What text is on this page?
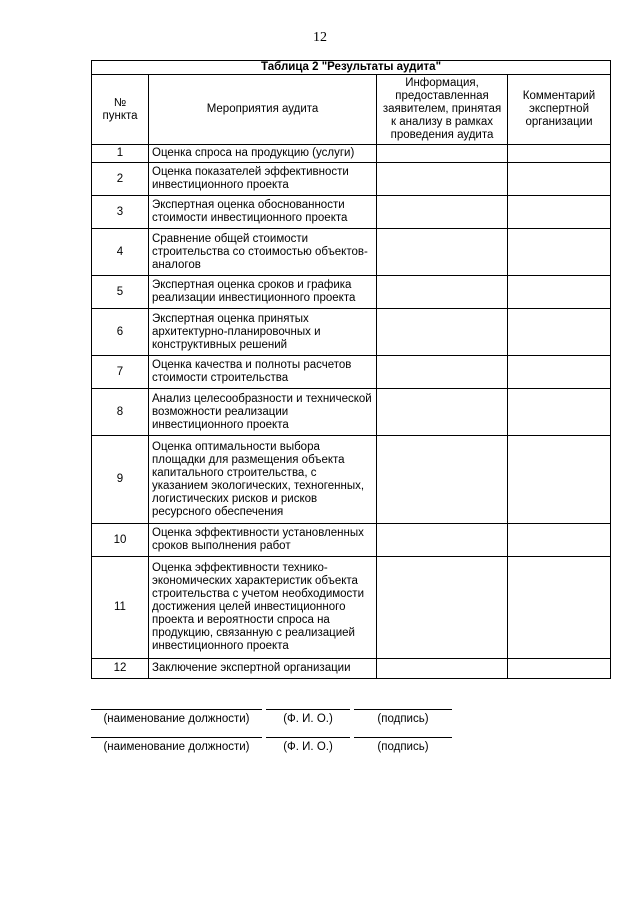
12
Таблица 2 "Результаты аудита"			
№ пункта	Мероприятия аудита	Информация, предоставленная заявителем, принятая к анализу в рамках проведения аудита	Комментарий экспертной организации
1	Оценка спроса на продукцию (услуги)		
2	Оценка показателей эффективности инвестиционного проекта		
3	Экспертная оценка обоснованности стоимости инвестиционного проекта		
4	Сравнение общей стоимости строительства со стоимостью объектов-аналогов		
5	Экспертная оценка сроков и графика реализации инвестиционного проекта		
6	Экспертная оценка принятых архитектурно-планировочных и конструктивных решений		
7	Оценка качества и полноты расчетов стоимости строительства		
8	Анализ целесообразности и технической возможности реализации инвестиционного проекта		
9	Оценка оптимальности выбора площадки для размещения объекта капитального строительства, с указанием экологических, техногенных, логистических рисков и рисков ресурсного обеспечения		
10	Оценка эффективности установленных сроков выполнения работ		
11	Оценка эффективности технико-экономических характеристик объекта строительства с учетом необходимости достижения целей инвестиционного проекта и вероятности спроса на продукцию, связанную с реализацией инвестиционного проекта		
12	Заключение экспертной организации		
(наименование должности)	(Ф. И. О.)	(подпись)
(наименование должности)	(Ф. И. О.)	(подпись)
